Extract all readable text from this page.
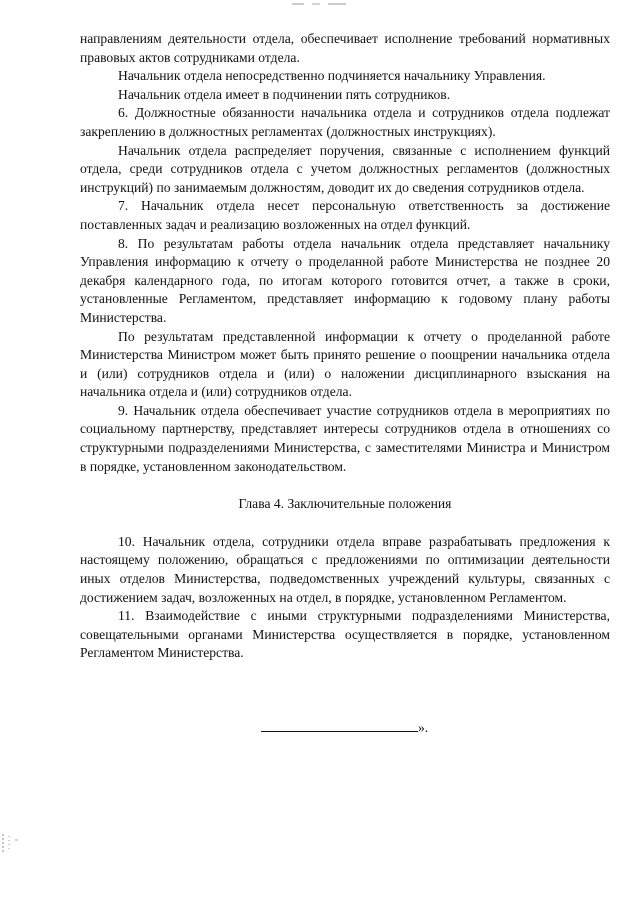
направлениям деятельности отдела, обеспечивает исполнение требований нормативных правовых актов сотрудниками отдела.

Начальник отдела непосредственно подчиняется начальнику Управления.

Начальник отдела имеет в подчинении пять сотрудников.

6. Должностные обязанности начальника отдела и сотрудников отдела подлежат закреплению в должностных регламентах (должностных инструкциях).

Начальник отдела распределяет поручения, связанные с исполнением функций отдела, среди сотрудников отдела с учетом должностных регламентов (должностных инструкций) по занимаемым должностям, доводит их до сведения сотрудников отдела.

7. Начальник отдела несет персональную ответственность за достижение поставленных задач и реализацию возложенных на отдел функций.

8. По результатам работы отдела начальник отдела представляет начальнику Управления информацию к отчету о проделанной работе Министерства не позднее 20 декабря календарного года, по итогам которого готовится отчет, а также в сроки, установленные Регламентом, представляет информацию к годовому плану работы Министерства.

По результатам представленной информации к отчету о проделанной работе Министерства Министром может быть принято решение о поощрении начальника отдела и (или) сотрудников отдела и (или) о наложении дисциплинарного взыскания на начальника отдела и (или) сотрудников отдела.

9. Начальник отдела обеспечивает участие сотрудников отдела в мероприятиях по социальному партнерству, представляет интересы сотрудников отдела в отношениях со структурными подразделениями Министерства, с заместителями Министра и Министром в порядке, установленном законодательством.

Глава 4. Заключительные положения

10. Начальник отдела, сотрудники отдела вправе разрабатывать предложения к настоящему положению, обращаться с предложениями по оптимизации деятельности иных отделов Министерства, подведомственных учреждений культуры, связанных с достижением задач, возложенных на отдел, в порядке, установленном Регламентом.

11. Взаимодействие с иными структурными подразделениями Министерства, совещательными органами Министерства осуществляется в порядке, установленном Регламентом Министерства.

».
